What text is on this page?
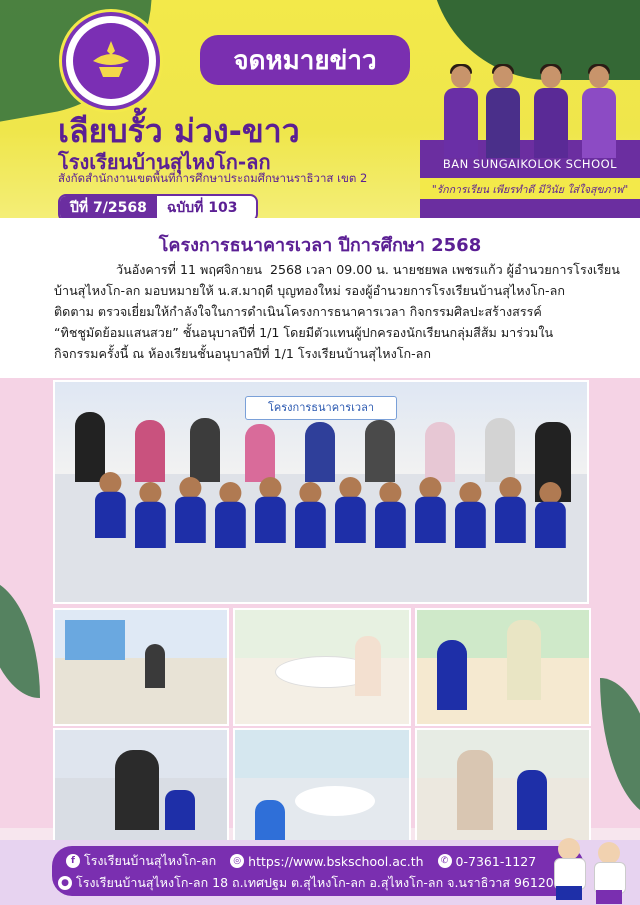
จดหมายข่าว
เลียบรั้ว ม่วง-ขาว
โรงเรียนบ้านสุไหงโก-ลก
สังกัดสำนักงานเขตพื้นที่การศึกษาประถมศึกษานราธิวาส เขต 2
ปีที่ 7/2568	ฉบับที่ 103
BAN SUNGAIKOLOK SCHOOL
"รักการเรียน เพียรทำดี มีวินัย ใส่ใจสุขภาพ"
โครงการธนาคารเวลา ปีการศึกษา 2568

วันอังคารที่ 11 พฤศจิกายน  2568 เวลา 09.00 น. นายชยพล เพชรแก้ว ผู้อำนวยการโรงเรียน

บ้านสุไหงโก-ลก มอบหมายให้ น.ส.มาฤดี บุญทองใหม่ รองผู้อำนวยการโรงเรียนบ้านสุไหงโก-ลก

ติดตาม ตรวจเยี่ยมให้กำลังใจในการดำเนินโครงการธนาคารเวลา กิจกรรมศิลปะสร้างสรรค์

“ทิชชูมัดย้อมแสนสวย” ชั้นอนุบาลปีที่ 1/1 โดยมีตัวแทนผู้ปกครองนักเรียนกลุ่มสีส้ม มาร่วมใน

กิจกรรมครั้งนี้ ณ ห้องเรียนชั้นอนุบาลปีที่ 1/1 โรงเรียนบ้านสุไหงโก-ลก

โครงการธนาคารเวลา
f โรงเรียนบ้านสุไหงโก-ลก	◎ https://www.bskschool.ac.th	✆ 0-7361-1127
● โรงเรียนบ้านสุไหงโก-ลก 18 ถ.เทศปฐม ต.สุไหงโก-ลก อ.สุไหงโก-ลก จ.นราธิวาส 96120
